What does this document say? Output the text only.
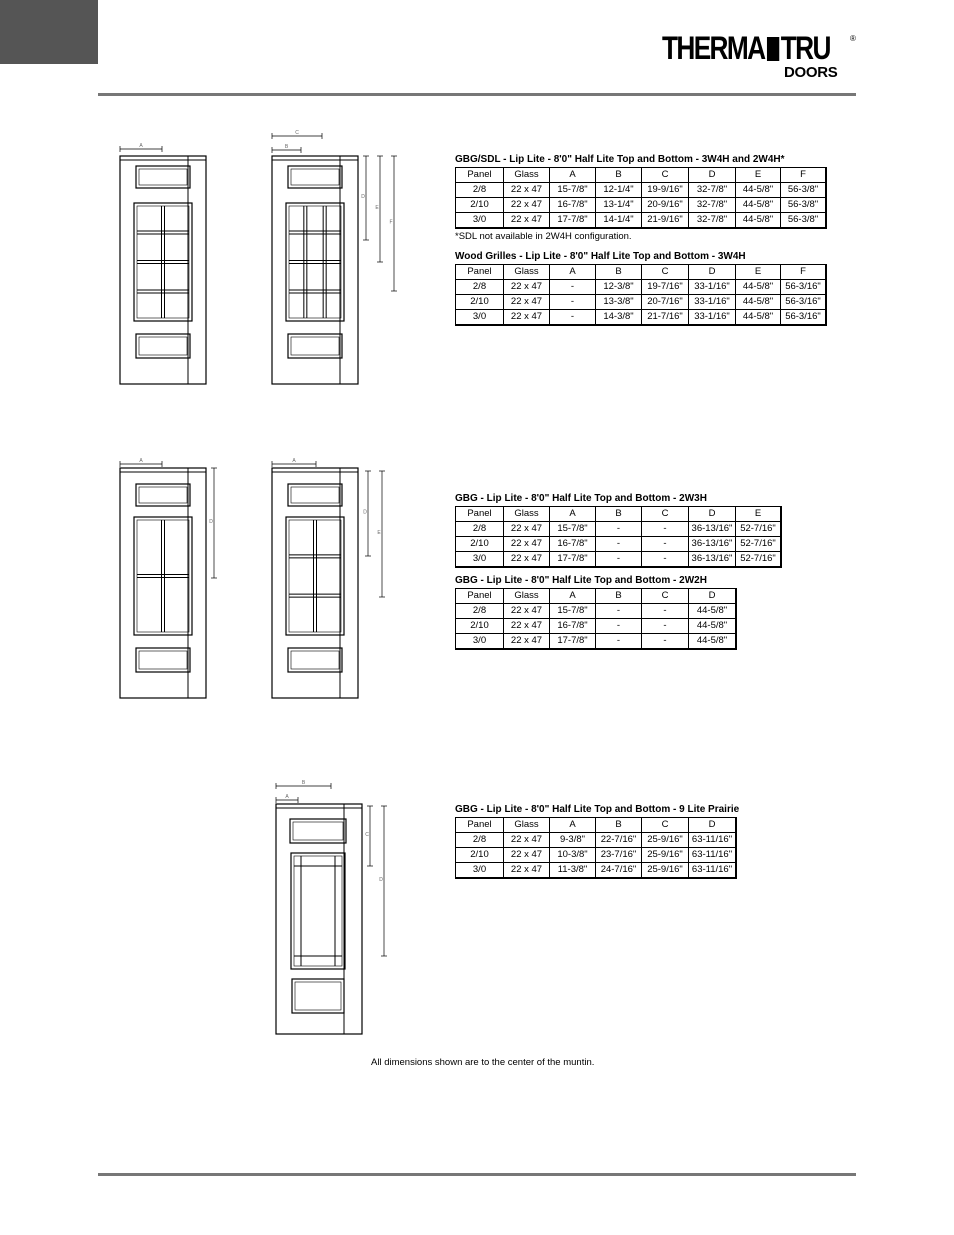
THERMA TRU	®
DOORS
A	B
C
D
E
F
A
D
A
D
E
A
B
C
D
GBG/SDL - Lip Lite - 8'0" Half Lite Top and Bottom - 3W4H and 2W4H*
Panel	Glass	A	B	C	D	E	F
2/8	22 x 47	15-7/8"	12-1/4"	19-9/16"	32-7/8"	44-5/8"	56-3/8"
2/10	22 x 47	16-7/8"	13-1/4"	20-9/16"	32-7/8"	44-5/8"	56-3/8"
3/0	22 x 47	17-7/8"	14-1/4"	21-9/16"	32-7/8"	44-5/8"	56-3/8"
*SDL not available in 2W4H configuration.
Wood Grilles - Lip Lite - 8'0" Half Lite Top and Bottom - 3W4H
Panel	Glass	A	B	C	D	E	F
2/8	22 x 47	-	12-3/8"	19-7/16"	33-1/16"	44-5/8"	56-3/16"
2/10	22 x 47	-	13-3/8"	20-7/16"	33-1/16"	44-5/8"	56-3/16"
3/0	22 x 47	-	14-3/8"	21-7/16"	33-1/16"	44-5/8"	56-3/16"
GBG - Lip Lite - 8'0" Half Lite Top and Bottom - 2W3H
Panel	Glass	A	B	C	D	E
2/8	22 x 47	15-7/8"	-	-	36-13/16"	52-7/16"
2/10	22 x 47	16-7/8"	-	-	36-13/16"	52-7/16"
3/0	22 x 47	17-7/8"	-	-	36-13/16"	52-7/16"
GBG - Lip Lite - 8'0" Half Lite Top and Bottom - 2W2H
Panel	Glass	A	B	C	D
2/8	22 x 47	15-7/8"	-	-	44-5/8"
2/10	22 x 47	16-7/8"	-	-	44-5/8"
3/0	22 x 47	17-7/8"	-	-	44-5/8"
GBG - Lip Lite - 8'0" Half Lite Top and Bottom - 9 Lite Prairie
Panel	Glass	A	B	C	D
2/8	22 x 47	9-3/8"	22-7/16"	25-9/16"	63-11/16"
2/10	22 x 47	10-3/8"	23-7/16"	25-9/16"	63-11/16"
3/0	22 x 47	11-3/8"	24-7/16"	25-9/16"	63-11/16"
All dimensions shown are to the center of the muntin.
